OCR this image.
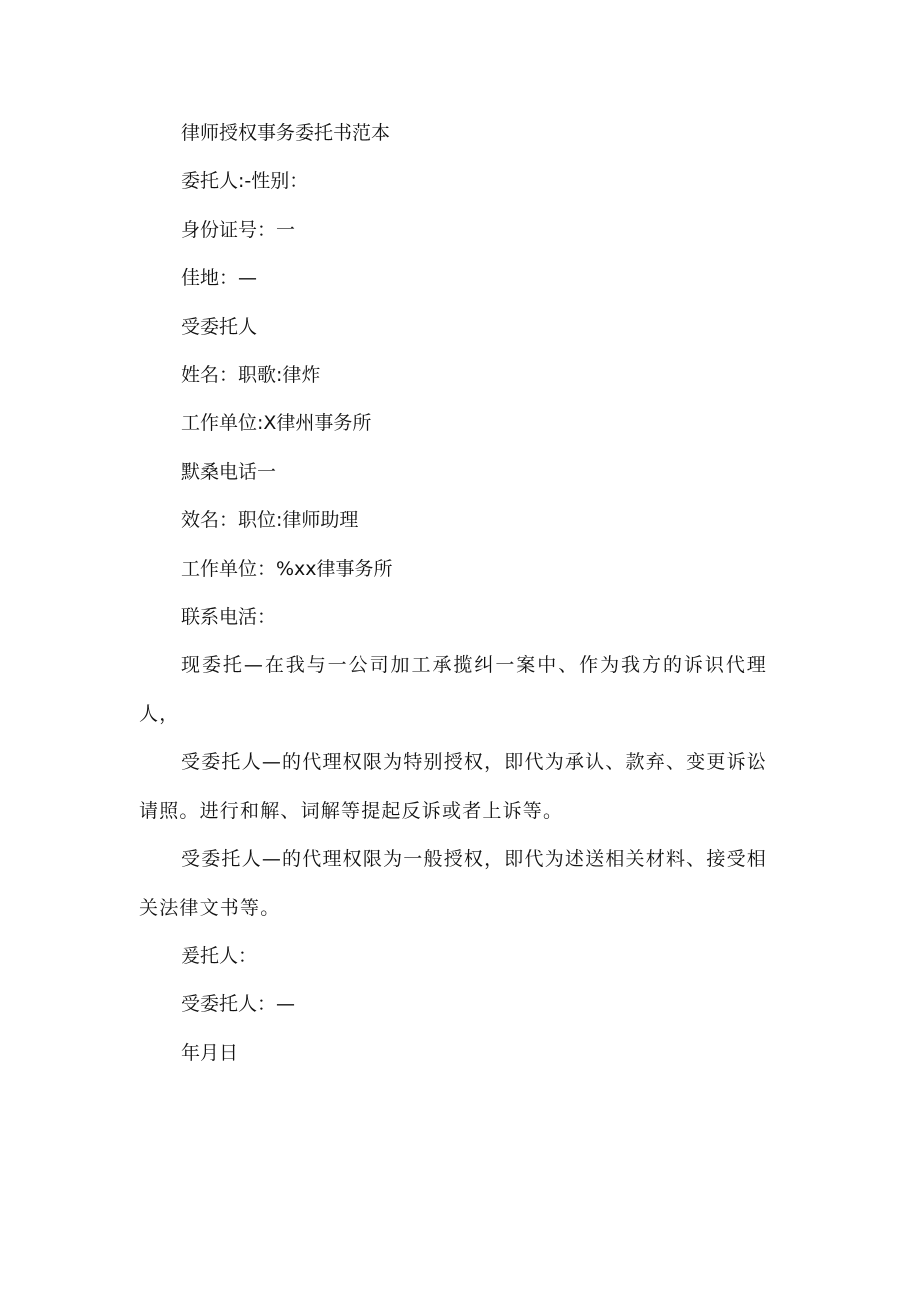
律师授权事务委托书范本

委托人:-性别：

身份证号：一

佳地：—

受委托人

姓名：职歌:律炸

工作单位:X律州事务所

默桑电话一

效名：职位:律师助理

工作单位：%xx律事务所

联系电活：

现委托—在我与一公司加工承揽纠一案中、作为我方的诉识代理人，

受委托人—的代理权限为特别授权，即代为承认、款弃、变更诉讼请照。进行和解、词解等提起反诉或者上诉等。

受委托人—的代理权限为一般授权，即代为述送相关材料、接受相关法律文书等。

爰托人：

受委托人：—

年月日
